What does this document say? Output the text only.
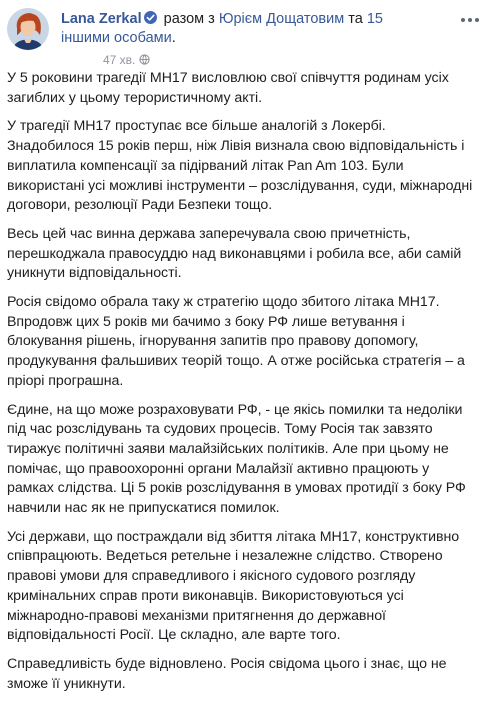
Lana Zerkal разом з Юрієм Дощатовим та 15 іншими особами.
47 хв.

У 5 роковини трагедії MH17 висловлюю свої співчуття родинам усіх загиблих у цьому терористичному акті.

У трагедії MH17 проступає все більше аналогій з Локербі. Знадобилося 15 років перш, ніж Лівія визнала свою відповідальність і виплатила компенсації за підірваний літак Pan Am 103. Були використані усі можливі інструменти – розслідування, суди, міжнародні договори, резолюції Ради Безпеки тощо.

Весь цей час винна держава заперечувала свою причетність, перешкоджала правосуддю над виконавцями і робила все, аби самій уникнути відповідальності.

Росія свідомо обрала таку ж стратегію щодо збитого літака MH17. Впродовж цих 5 років ми бачимо з боку РФ лише ветування і блокування рішень, ігнорування запитів про правову допомогу, продукування фальшивих теорій тощо. А отже російська стратегія – а пріорі програшна.

Єдине, на що може розраховувати РФ, - це якісь помилки та недоліки під час розслідувань та судових процесів. Тому Росія так завзято тиражує політичні заяви малайзійських політиків. Але при цьому не помічає, що правоохоронні органи Малайзії активно працюють у рамках слідства. Ці 5 років розслідування в умовах протидії з боку РФ навчили нас як не припускатися помилок.

Усі держави, що постраждали від збиття літака MH17, конструктивно співпрацюють. Ведеться ретельне і незалежне слідство. Створено правові умови для справедливого і якісного судового розгляду кримінальних справ проти виконавців. Використовуються усі міжнародно-правові механізми притягнення до державної відповідальності Росії. Це складно, але варте того.

Справедливість буде відновлено. Росія свідома цього і знає, що не зможе її уникнути.
